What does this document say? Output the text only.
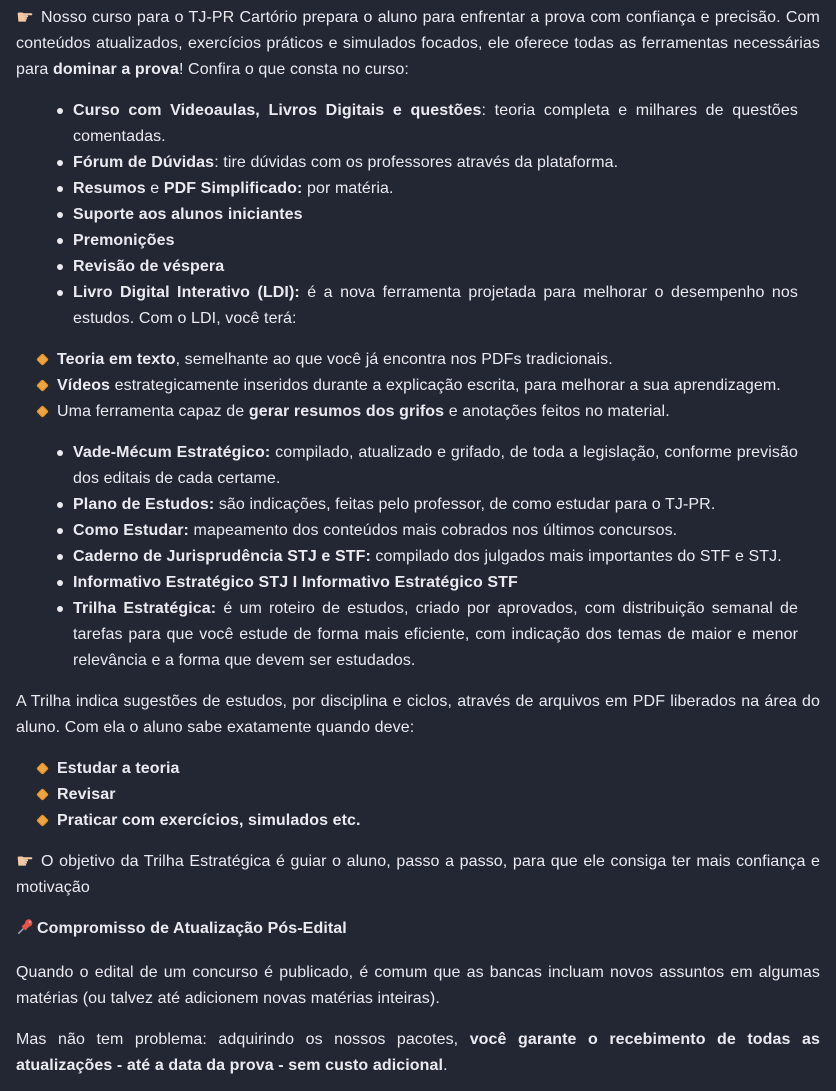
☛ Nosso curso para o TJ-PR Cartório prepara o aluno para enfrentar a prova com confiança e precisão. Com conteúdos atualizados, exercícios práticos e simulados focados, ele oferece todas as ferramentas necessárias para dominar a prova! Confira o que consta no curso:

Curso com Videoaulas, Livros Digitais e questões: teoria completa e milhares de questões comentadas.
Fórum de Dúvidas: tire dúvidas com os professores através da plataforma.
Resumos e PDF Simplificado: por matéria.
Suporte aos alunos iniciantes
Premonições
Revisão de véspera
Livro Digital Interativo (LDI): é a nova ferramenta projetada para melhorar o desempenho nos estudos. Com o LDI, você terá:
Teoria em texto, semelhante ao que você já encontra nos PDFs tradicionais.
Vídeos estrategicamente inseridos durante a explicação escrita, para melhorar a sua aprendizagem.
Uma ferramenta capaz de gerar resumos dos grifos e anotações feitos no material.
Vade-Mécum Estratégico: compilado, atualizado e grifado, de toda a legislação, conforme previsão dos editais de cada certame.
Plano de Estudos: são indicações, feitas pelo professor, de como estudar para o TJ-PR.
Como Estudar: mapeamento dos conteúdos mais cobrados nos últimos concursos.
Caderno de Jurisprudência STJ e STF: compilado dos julgados mais importantes do STF e STJ.
Informativo Estratégico STJ I Informativo Estratégico STF
Trilha Estratégica: é um roteiro de estudos, criado por aprovados, com distribuição semanal de tarefas para que você estude de forma mais eficiente, com indicação dos temas de maior e menor relevância e a forma que devem ser estudados.

A Trilha indica sugestões de estudos, por disciplina e ciclos, através de arquivos em PDF liberados na área do aluno. Com ela o aluno sabe exatamente quando deve:

Estudar a teoria
Revisar
Praticar com exercícios, simulados etc.

☛ O objetivo da Trilha Estratégica é guiar o aluno, passo a passo, para que ele consiga ter mais confiança e motivação

Compromisso de Atualização Pós-Edital

Quando o edital de um concurso é publicado, é comum que as bancas incluam novos assuntos em algumas matérias (ou talvez até adicionem novas matérias inteiras).

Mas não tem problema: adquirindo os nossos pacotes, você garante o recebimento de todas as atualizações - até a data da prova - sem custo adicional.
